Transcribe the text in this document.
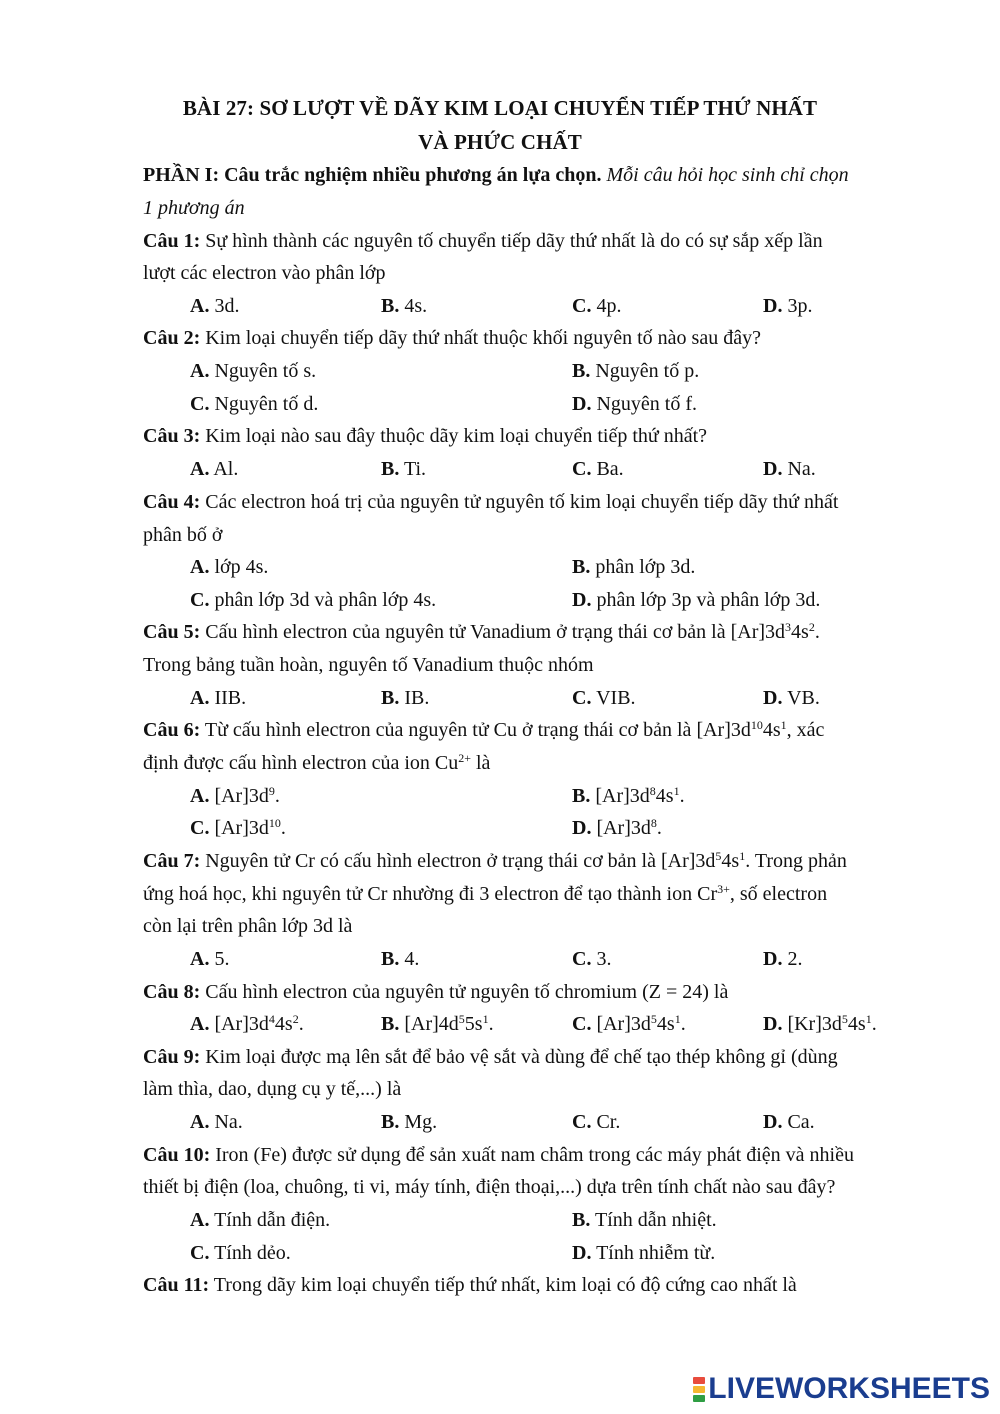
BÀI 27: SƠ LƯỢT VỀ DÃY KIM LOẠI CHUYỂN TIẾP THỨ NHẤT
VÀ PHỨC CHẤT
PHẦN I: Câu trắc nghiệm nhiều phương án lựa chọn. Mỗi câu hỏi học sinh chỉ chọn
1 phương án
Câu 1: Sự hình thành các nguyên tố chuyển tiếp dãy thứ nhất là do có sự sắp xếp lần
lượt các electron vào phân lớp
A. 3d.	B. 4s.	C. 4p.	D. 3p.
Câu 2: Kim loại chuyển tiếp dãy thứ nhất thuộc khối nguyên tố nào sau đây?
A. Nguyên tố s.	B. Nguyên tố p.
C. Nguyên tố d.	D. Nguyên tố f.
Câu 3: Kim loại nào sau đây thuộc dãy kim loại chuyển tiếp thứ nhất?
A. Al.	B. Ti.	C. Ba.	D. Na.
Câu 4: Các electron hoá trị của nguyên tử nguyên tố kim loại chuyển tiếp dãy thứ nhất
phân bố ở
A. lớp 4s.	B. phân lớp 3d.
C. phân lớp 3d và phân lớp 4s.	D. phân lớp 3p và phân lớp 3d.
Câu 5: Cấu hình electron của nguyên tử Vanadium ở trạng thái cơ bản là $[Ar]3d^34s^2$.
Trong bảng tuần hoàn, nguyên tố Vanadium thuộc nhóm
A. IIB.	B. IB.	C. VIB.	D. VB.
Câu 6: Từ cấu hình electron của nguyên tử Cu ở trạng thái cơ bản là $[Ar]3d^{10}4s^1$, xác
định được cấu hình electron của ion $Cu^{2+}$ là
A. $[Ar]3d^9$.	B. $[Ar]3d^84s^1$.
C. $[Ar]3d^{10}$.	D. $[Ar]3d^8$.
Câu 7: Nguyên tử Cr có cấu hình electron ở trạng thái cơ bản là $[Ar]3d^54s^1$. Trong phản
ứng hoá học, khi nguyên tử Cr nhường đi 3 electron để tạo thành ion $Cr^{3+}$, số electron
còn lại trên phân lớp 3d là
A. 5.	B. 4.	C. 3.	D. 2.
Câu 8: Cấu hình electron của nguyên tử nguyên tố chromium (Z = 24) là
A. $[Ar]3d^44s^2$.	B. $[Ar]4d^55s^1$.	C. $[Ar]3d^54s^1$.	D. $[Kr]3d^54s^1$.
Câu 9: Kim loại được mạ lên sắt để bảo vệ sắt và dùng để chế tạo thép không gỉ (dùng
làm thìa, dao, dụng cụ y tế,...) là
A. Na.	B. Mg.	C. Cr.	D. Ca.
Câu 10: Iron (Fe) được sử dụng để sản xuất nam châm trong các máy phát điện và nhiều
thiết bị điện (loa, chuông, ti vi, máy tính, điện thoại,...) dựa trên tính chất nào sau đây?
A. Tính dẫn điện.	B. Tính dẫn nhiệt.
C. Tính dẻo.	D. Tính nhiễm từ.
Câu 11: Trong dãy kim loại chuyển tiếp thứ nhất, kim loại có độ cứng cao nhất là
LIVE WORKSHEETS
